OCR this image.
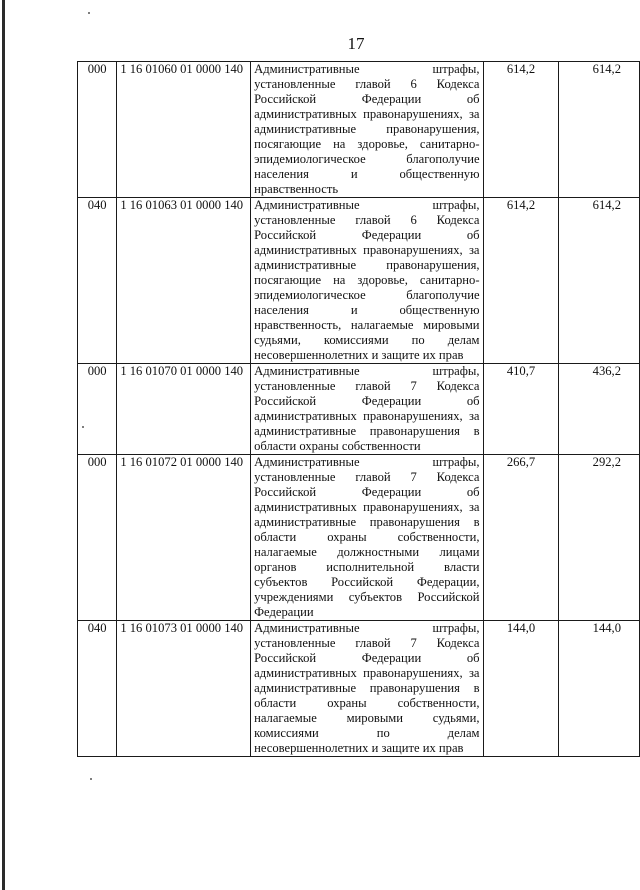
17
000	1 16 01060 01 0000 140	Административные штрафы, установленные главой 6 Кодекса Российской Федерации об административных правонарушениях, за административные правонарушения, посягающие на здоровье, санитарно-эпидемиологическое благополучие населения и общественную нравственность	614,2	614,2
040	1 16 01063 01 0000 140	Административные штрафы, установленные главой 6 Кодекса Российской Федерации об административных правонарушениях, за административные правонарушения, посягающие на здоровье, санитарно-эпидемиологическое благополучие населения и общественную нравственность, налагаемые мировыми судьями, комиссиями по делам несовершеннолетних и защите их прав	614,2	614,2
000	1 16 01070 01 0000 140	Административные штрафы, установленные главой 7 Кодекса Российской Федерации об административных правонарушениях, за административные правонарушения в области охраны собственности	410,7	436,2
000	1 16 01072 01 0000 140	Административные штрафы, установленные главой 7 Кодекса Российской Федерации об административных правонарушениях, за административные правонарушения в области охраны собственности, налагаемые должностными лицами органов исполнительной власти субъектов Российской Федерации, учреждениями субъектов Российской Федерации	266,7	292,2
040	1 16 01073 01 0000 140	Административные штрафы, установленные главой 7 Кодекса Российской Федерации об административных правонарушениях, за административные правонарушения в области охраны собственности, налагаемые мировыми судьями, комиссиями по делам несовершеннолетних и защите их прав	144,0	144,0
